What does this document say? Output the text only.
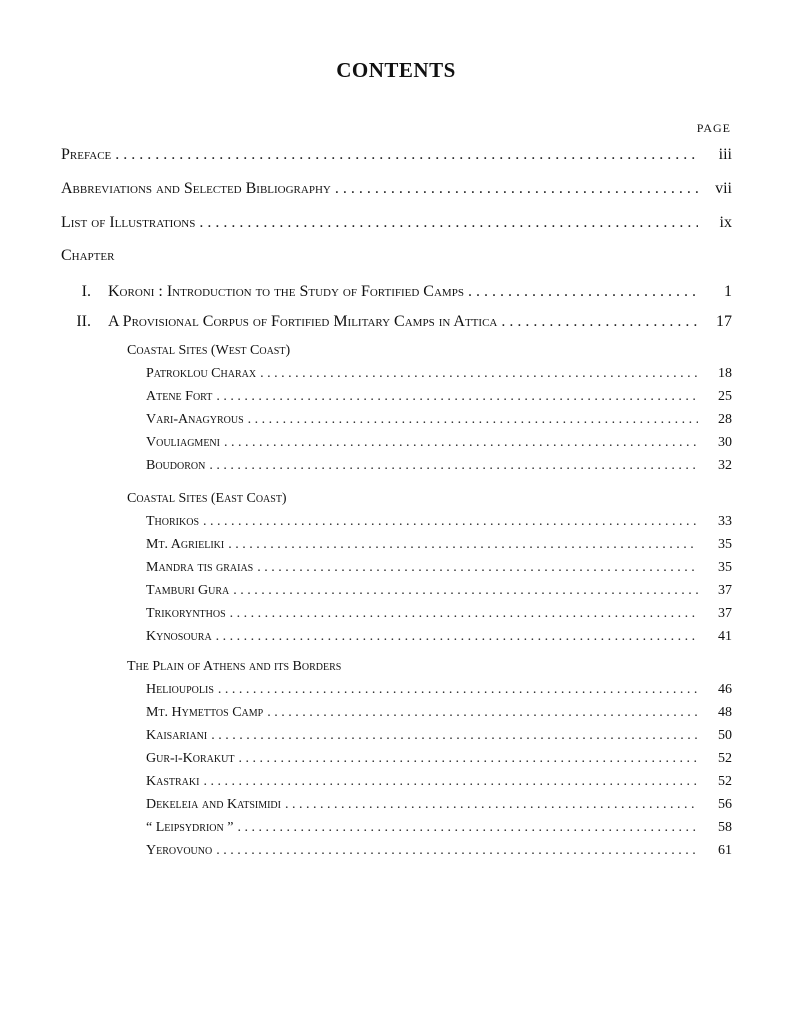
CONTENTS
PAGE
Preface . . .	iii
Abbreviations and Selected Bibliography . . .	vii
List of Illustrations . . .	ix
Chapter
I. Koroni : Introduction to the Study of Fortified Camps . . .	1
II. A Provisional Corpus of Fortified Military Camps in Attica . . .	17
Coastal Sites (West Coast)
Patroklou Charax . . .	18
Atene Fort . . .	25
Vari-Anagyrous . . .	28
Vouliagmeni . . .	30
Boudoron . . .	32
Coastal Sites (East Coast)
Thorikos . . .	33
Mt. Agrieliki . . .	35
Mandra tis graias . . .	35
Tamburi Gura . . .	37
Trikorynthos . . .	37
Kynosoura . . .	41
The Plain of Athens and its Borders
Helioupolis . . .	46
Mt. Hymettos Camp . . .	48
Kaisariani . . .	50
Gur-i-Korakut . . .	52
Kastraki . . .	52
Dekeleia and Katsimidi . . .	56
“ Leipsydrion ” . . .	58
Yerovouno . . .	61
